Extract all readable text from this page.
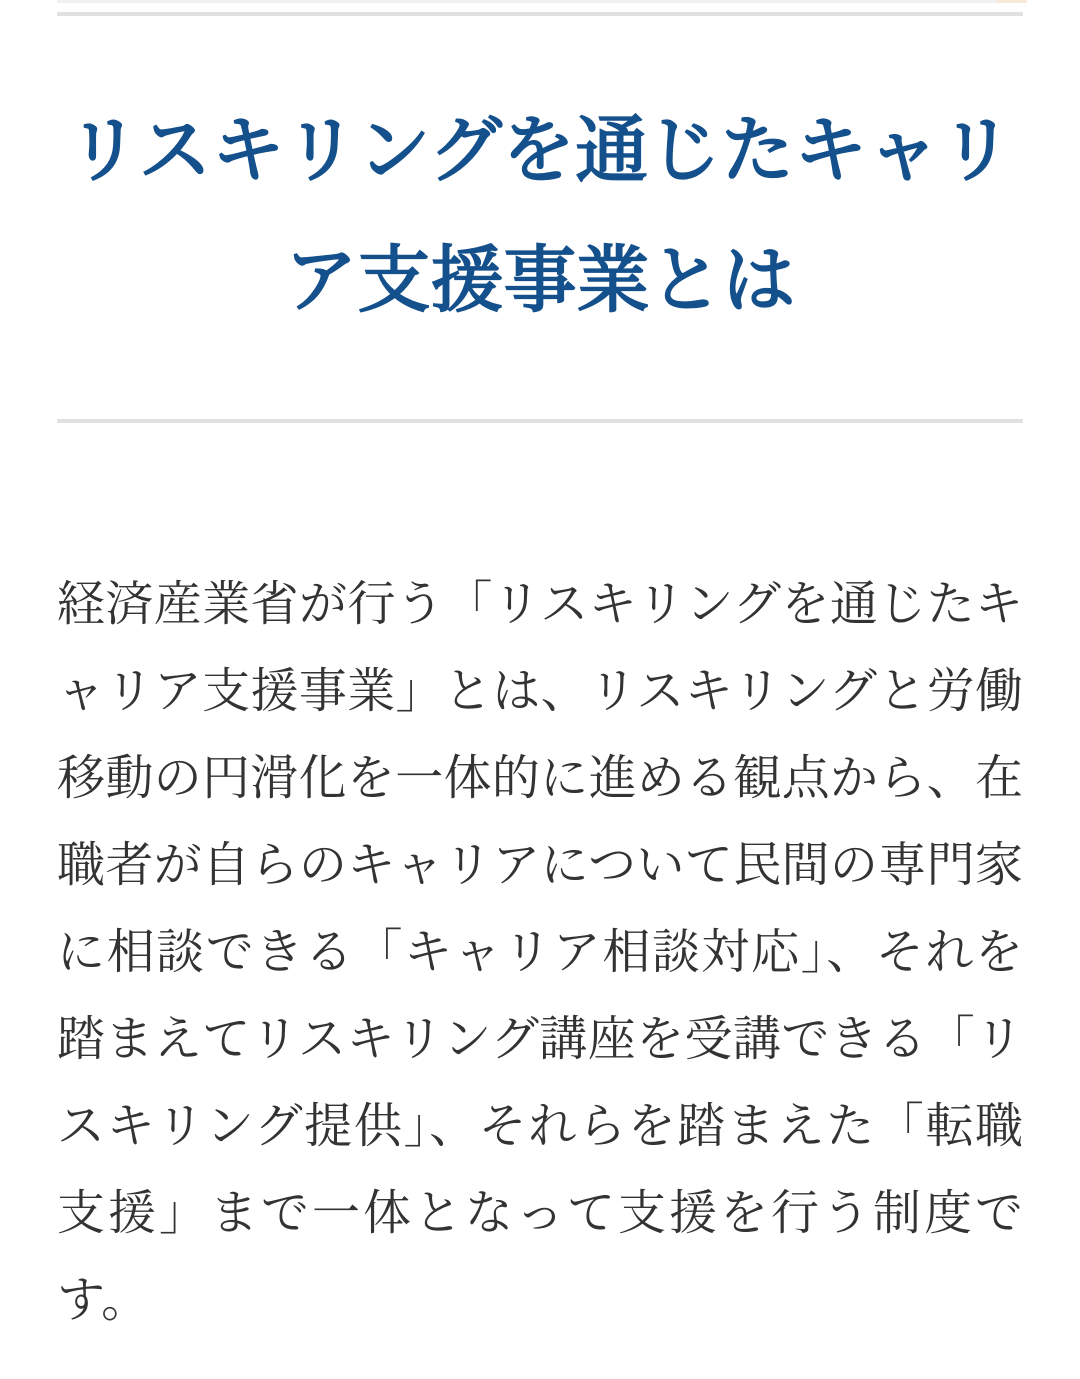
リスキリングを通じたキャリア支援事業とは

経済産業省が行う「リスキリングを通じたキャリア支援事業」とは、リスキリングと労働移動の円滑化を一体的に進める観点から、在職者が自らのキャリアについて民間の専門家に相談できる「キャリア相談対応」、それを踏まえてリスキリング講座を受講できる「リスキリング提供」、それらを踏まえた「転職支援」まで一体となって支援を行う制度です。
